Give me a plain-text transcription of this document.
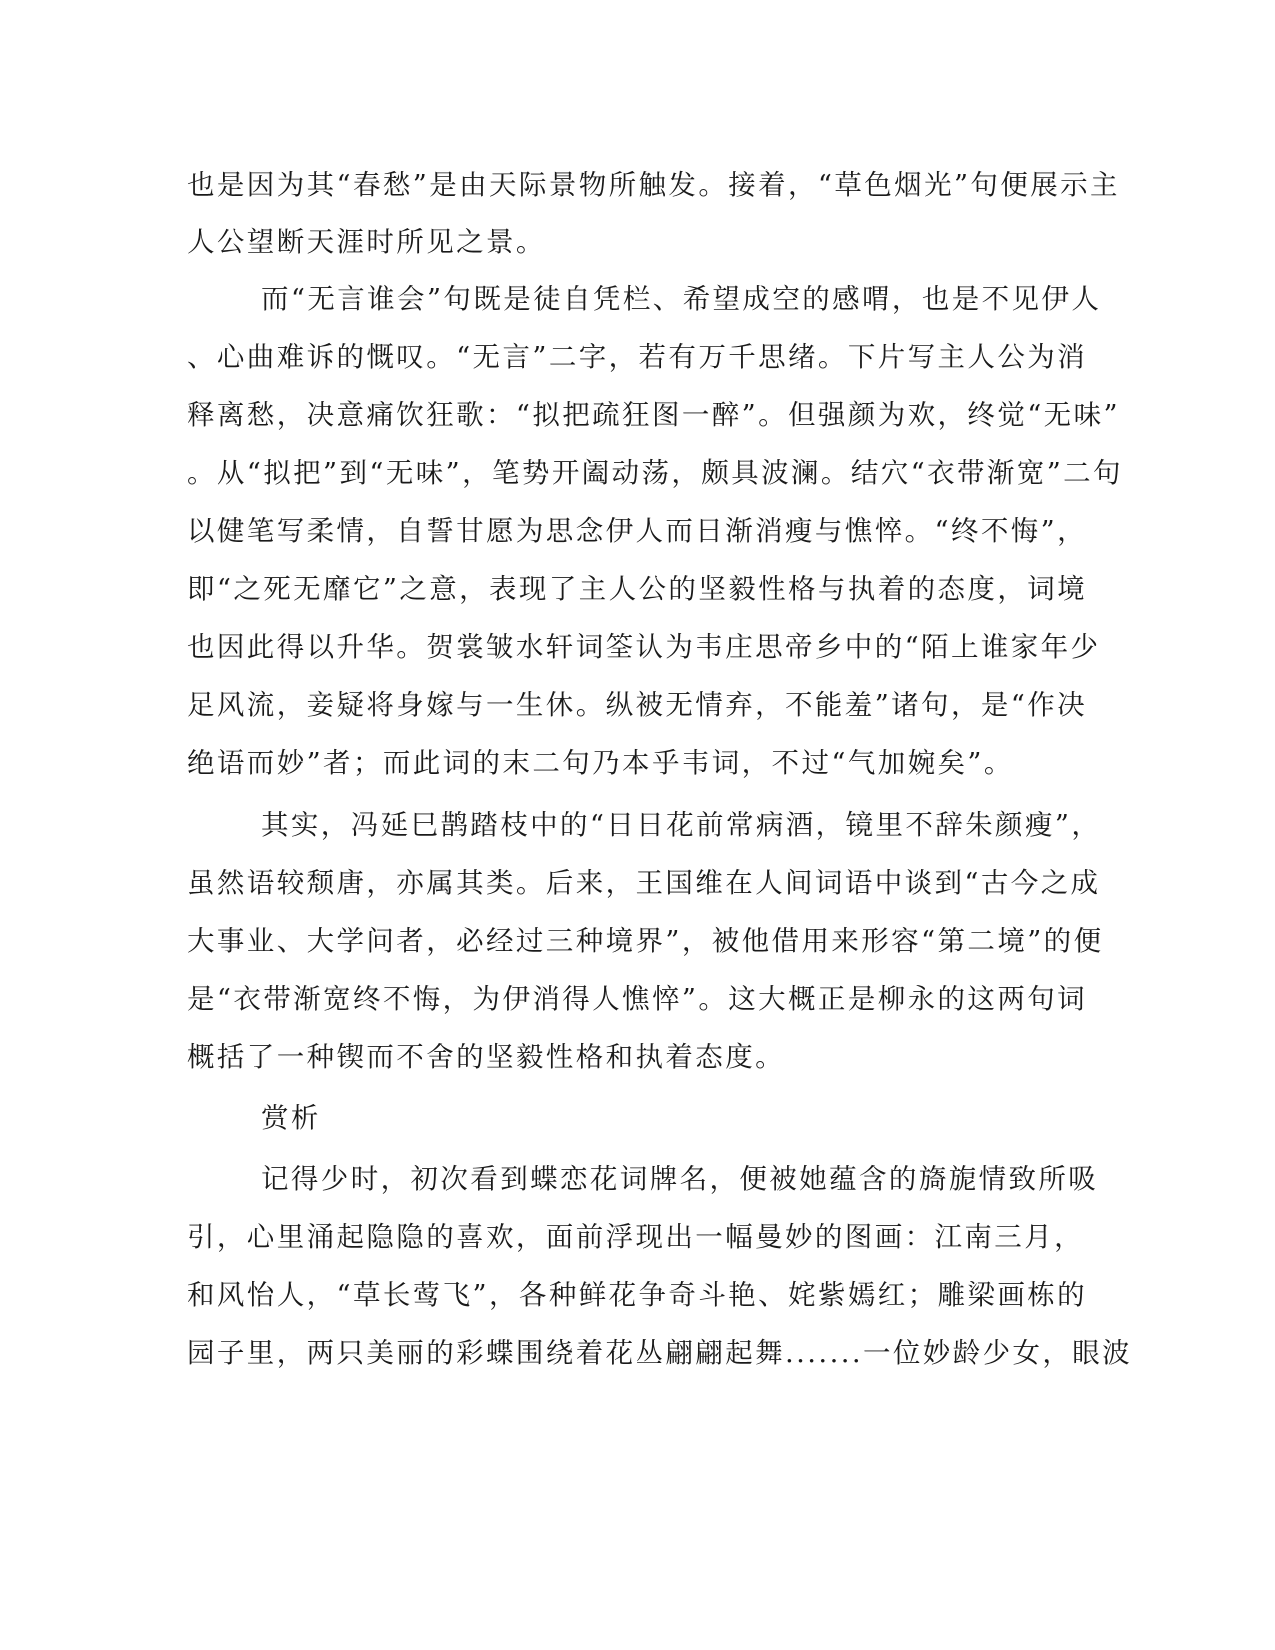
也是因为其“春愁”是由天际景物所触发。接着，“草色烟光”句便展示主

人公望断天涯时所见之景。

而“无言谁会”句既是徒自凭栏、希望成空的感喟，也是不见伊人

、心曲难诉的慨叹。“无言”二字，若有万千思绪。下片写主人公为消

释离愁，决意痛饮狂歌：“拟把疏狂图一醉”。但强颜为欢，终觉“无味”

。从“拟把”到“无味”，笔势开阖动荡，颇具波澜。结穴“衣带渐宽”二句

以健笔写柔情，自誓甘愿为思念伊人而日渐消瘦与憔悴。“终不悔”，

即“之死无靡它”之意，表现了主人公的坚毅性格与执着的态度，词境

也因此得以升华。贺裳皱水轩词筌认为韦庄思帝乡中的“陌上谁家年少

足风流，妾疑将身嫁与一生休。纵被无情弃，不能羞”诸句，是“作决

绝语而妙”者；而此词的末二句乃本乎韦词，不过“气加婉矣”。

其实，冯延巳鹊踏枝中的“日日花前常病酒，镜里不辞朱颜瘦”，

虽然语较颓唐，亦属其类。后来，王国维在人间词语中谈到“古今之成

大事业、大学问者，必经过三种境界”，被他借用来形容“第二境”的便

是“衣带渐宽终不悔，为伊消得人憔悴”。这大概正是柳永的这两句词

概括了一种锲而不舍的坚毅性格和执着态度。

赏析

记得少时，初次看到蝶恋花词牌名，便被她蕴含的旖旎情致所吸

引，心里涌起隐隐的喜欢，面前浮现出一幅曼妙的图画：江南三月，

和风怡人，“草长莺飞”，各种鲜花争奇斗艳、姹紫嫣红；雕梁画栋的

园子里，两只美丽的彩蝶围绕着花丛翩翩起舞.......一位妙龄少女，眼波
